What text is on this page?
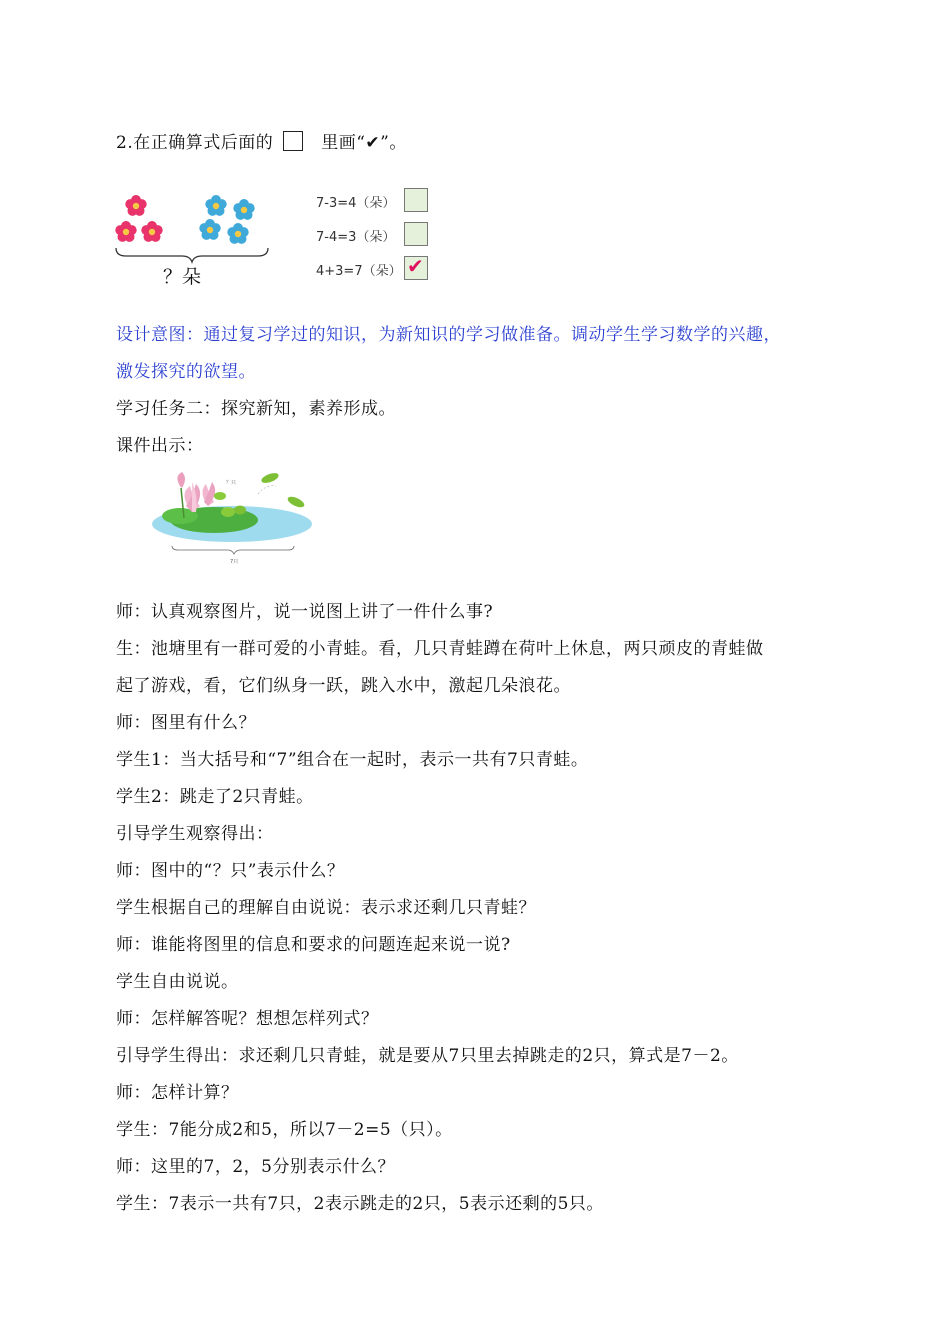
2.在正确算式后面的	里画“✔”。
？朵
7-3=4（朵）
7-4=3（朵）
4+3=7（朵） ✔
设计意图：通过复习学过的知识，为新知识的学习做准备。调动学生学习数学的兴趣，
激发探究的欲望。
学习任务二：探究新知，素养形成。
课件出示：
？只
7只
师：认真观察图片，说一说图上讲了一件什么事?
生：池塘里有一群可爱的小青蛙。看，几只青蛙蹲在荷叶上休息，两只顽皮的青蛙做
起了游戏，看，它们纵身一跃，跳入水中，激起几朵浪花。
师：图里有什么？
学生1：当大括号和“7”组合在一起时，表示一共有7只青蛙。
学生2：跳走了2只青蛙。
引导学生观察得出：
师：图中的“？只”表示什么？
学生根据自己的理解自由说说：表示求还剩几只青蛙？
师：谁能将图里的信息和要求的问题连起来说一说?
学生自由说说。
师：怎样解答呢？想想怎样列式？
引导学生得出：求还剩几只青蛙，就是要从7只里去掉跳走的2只，算式是7－2。
师：怎样计算？
学生：7能分成2和5，所以7－2=5（只）。
师：这里的7，2，5分别表示什么？
学生：7表示一共有7只，2表示跳走的2只，5表示还剩的5只。
